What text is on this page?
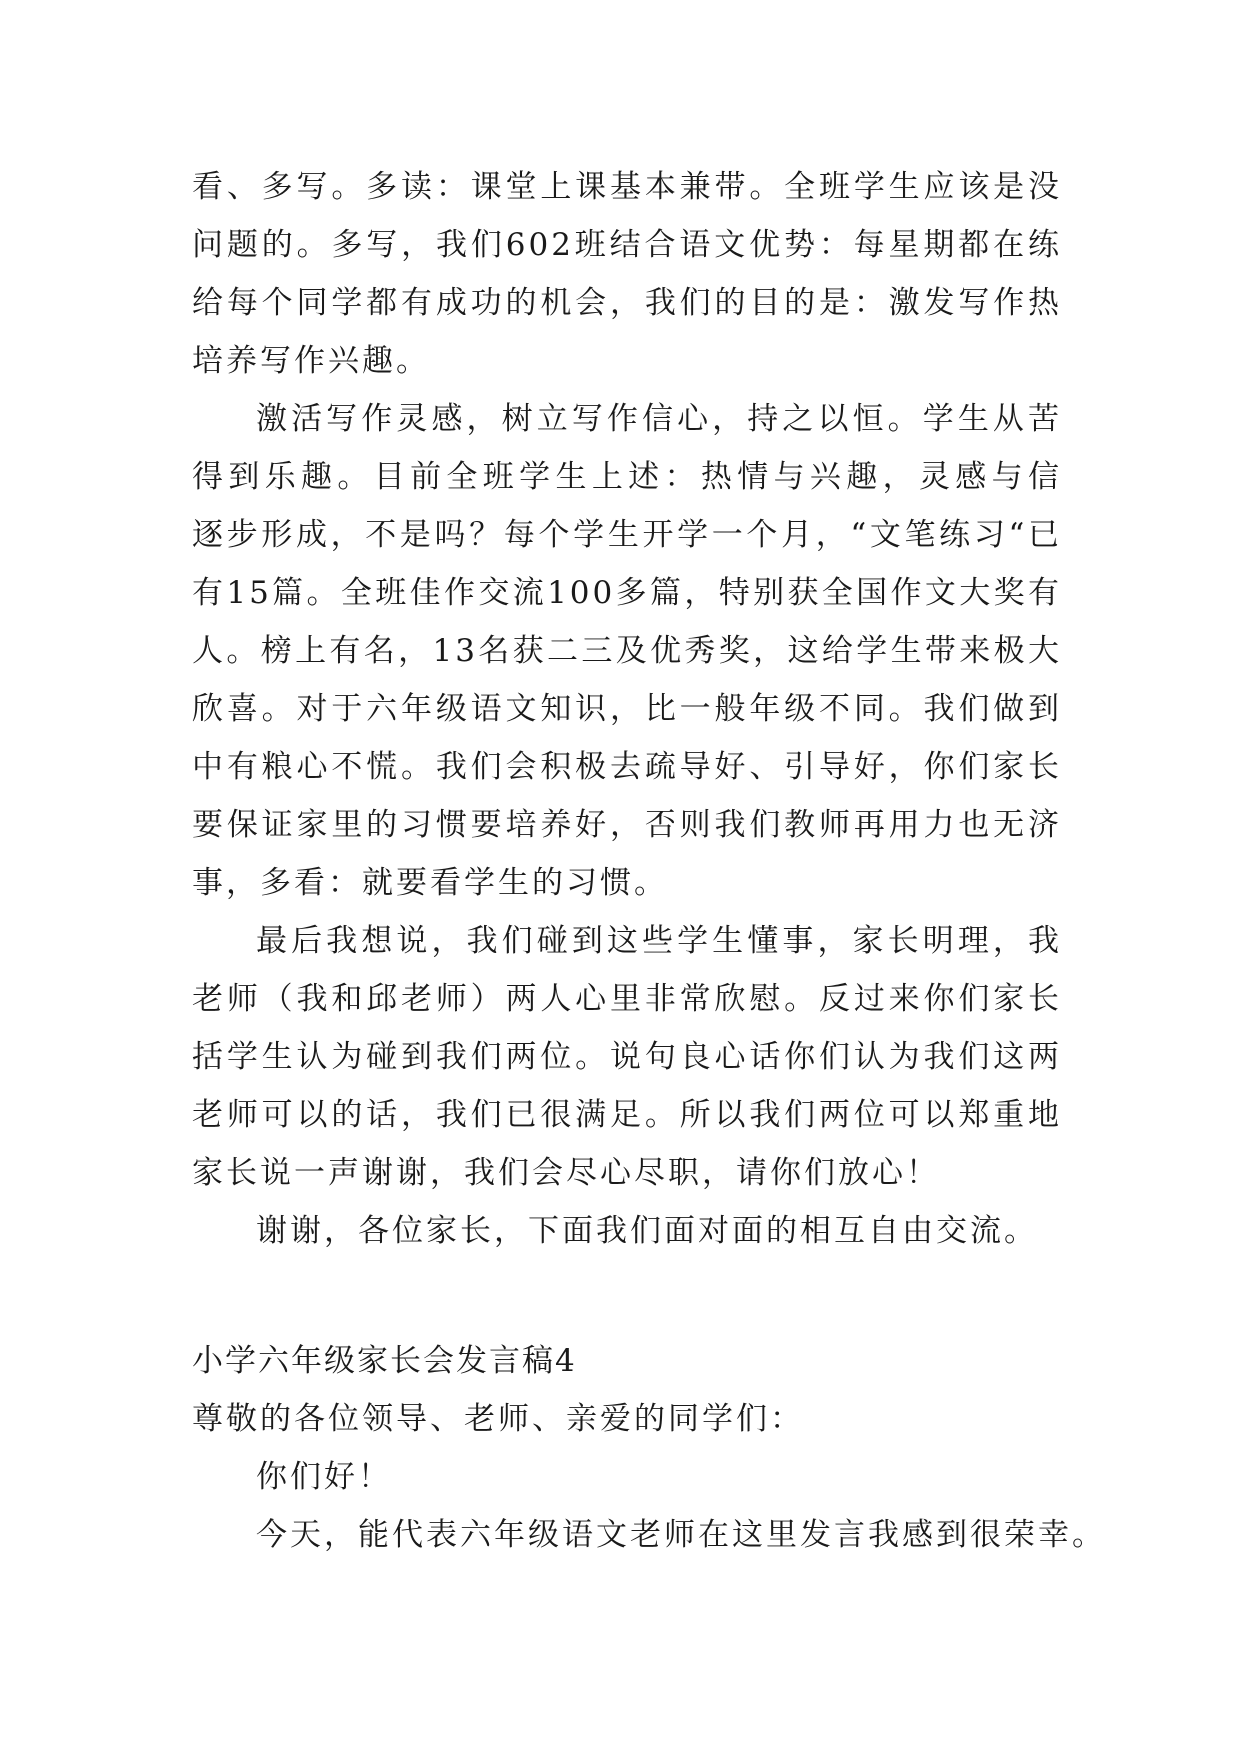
看、多写。多读：课堂上课基本兼带。全班学生应该是没
问题的。多写，我们602班结合语文优势：每星期都在练
给每个同学都有成功的机会，我们的目的是：激发写作热
培养写作兴趣。
激活写作灵感，树立写作信心，持之以恒。学生从苦
得到乐趣。目前全班学生上述：热情与兴趣，灵感与信
逐步形成，不是吗？每个学生开学一个月，“文笔练习“已
有15篇。全班佳作交流100多篇，特别获全国作文大奖有
人。榜上有名，13名获二三及优秀奖，这给学生带来极大
欣喜。对于六年级语文知识，比一般年级不同。我们做到
中有粮心不慌。我们会积极去疏导好、引导好，你们家长
要保证家里的习惯要培养好，否则我们教师再用力也无济
事，多看：就要看学生的习惯。
最后我想说，我们碰到这些学生懂事，家长明理，我
老师（我和邱老师）两人心里非常欣慰。反过来你们家长
括学生认为碰到我们两位。说句良心话你们认为我们这两
老师可以的话，我们已很满足。所以我们两位可以郑重地
家长说一声谢谢，我们会尽心尽职，请你们放心！
谢谢，各位家长，下面我们面对面的相互自由交流。
小学六年级家长会发言稿4
尊敬的各位领导、老师、亲爱的同学们：
你们好！
今天，能代表六年级语文老师在这里发言我感到很荣幸。
